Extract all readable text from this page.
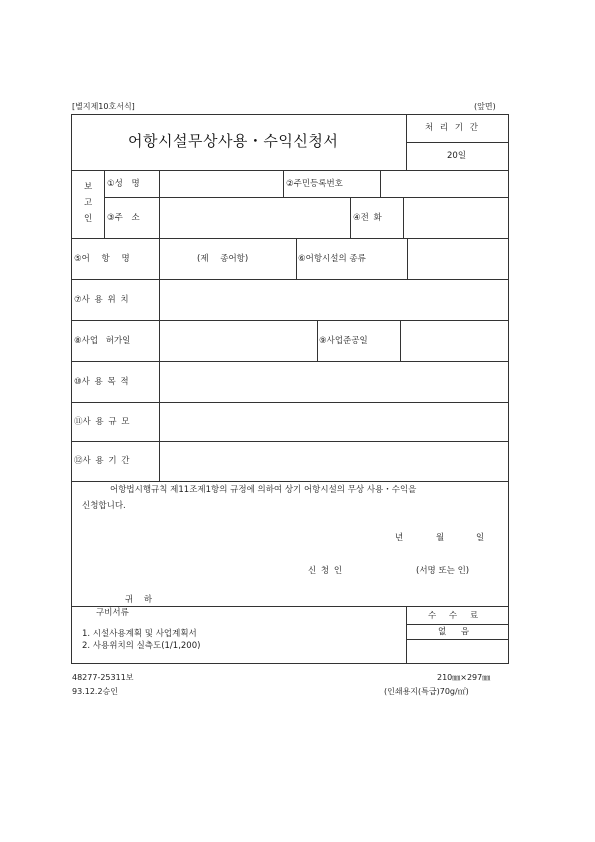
[별지제10호서식]	(앞면)
어항시설무상사용・수익신청서
처 리 기 간
20일
보
고
인
①성 명	②주민등록번호
③주 소	④전 화
⑤어 항 명	(제 종어항)	⑥어항시설의 종류
⑦사 용 위 치
⑧사업 허가일	⑨사업준공일
⑩사 용 목 적
⑪사 용 규 모
⑫사 용 기 간
어항법시행규칙 제11조제1항의 규정에 의하여 상기 어항시설의 무상 사용・수익을
신청합니다.
년	월	일
신 청 인	(서명 또는 인)
귀 하
구비서류
1. 시설사용계획 및 사업계획서
2. 사용위치의 실측도(1/1,200)
수 수 료
없 음
48277-25311보
93.12.2승인
210㎜×297㎜
(인쇄용지(특급)70g/㎡)
